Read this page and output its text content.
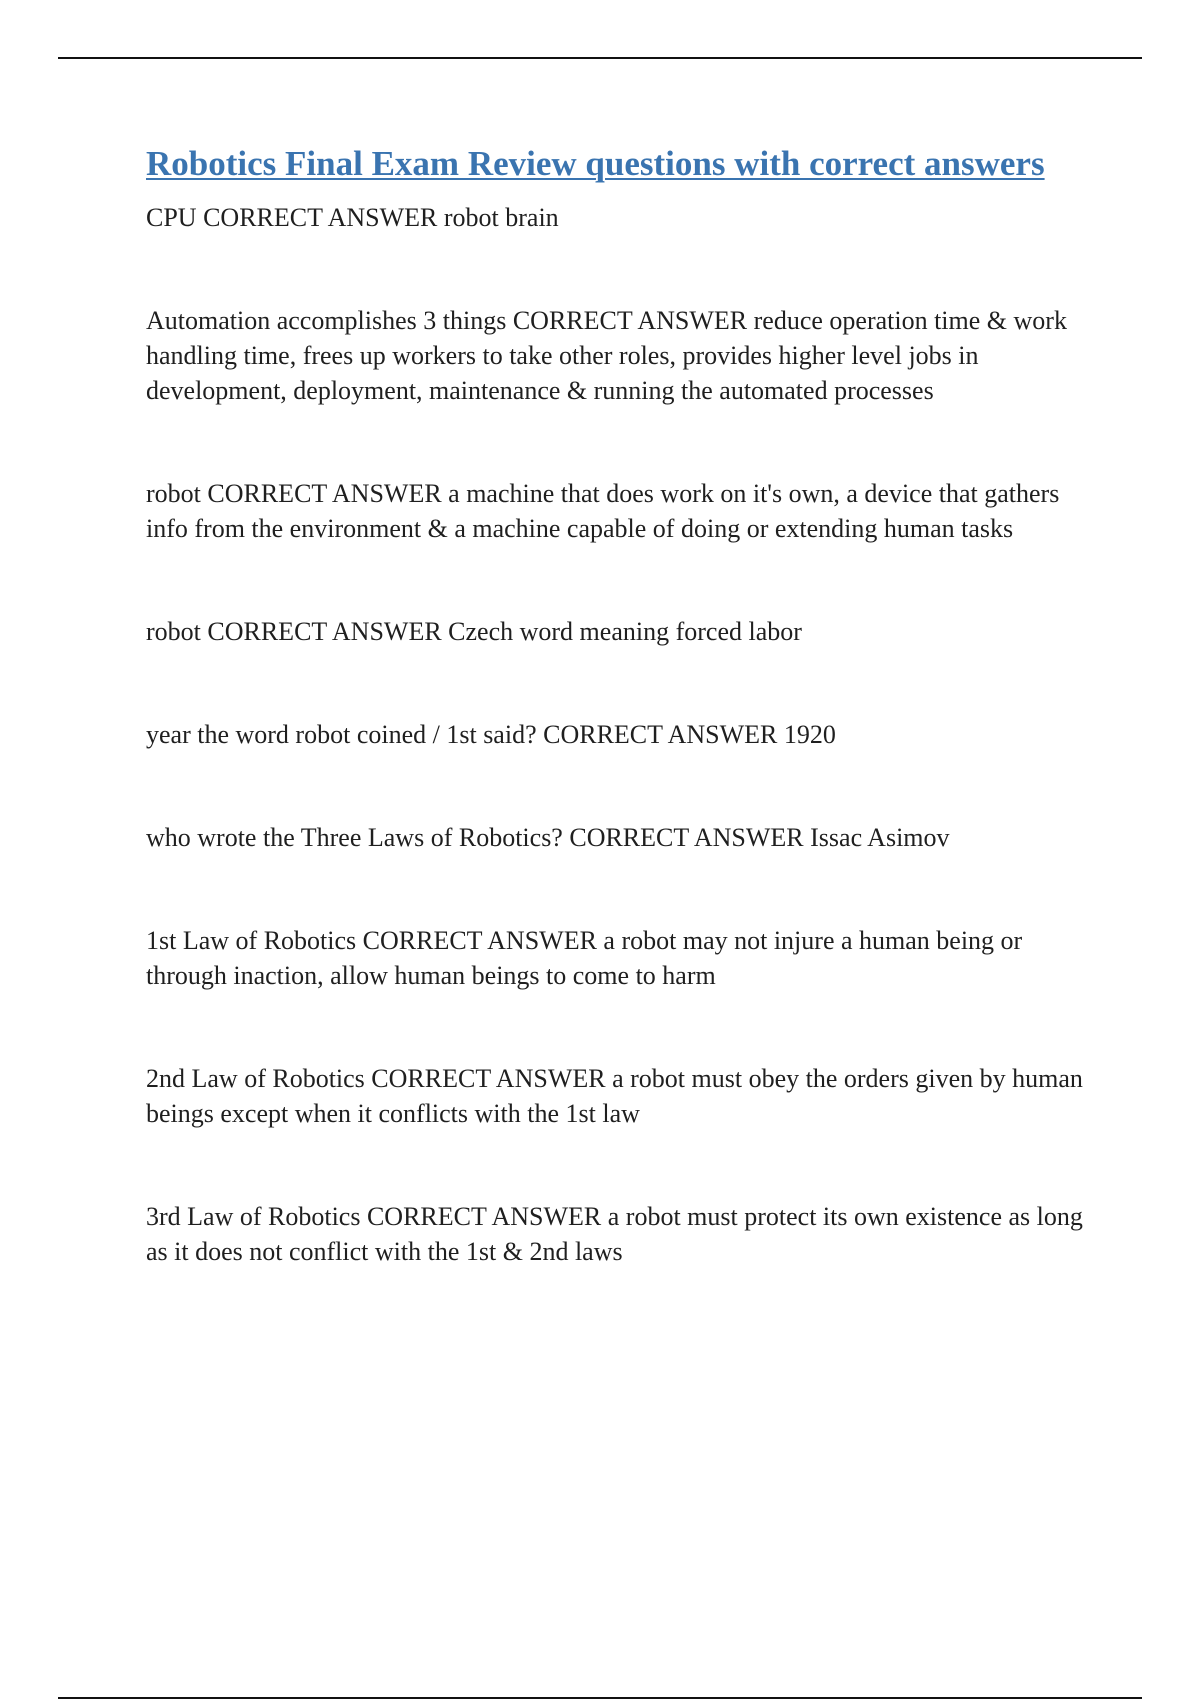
Robotics Final Exam Review questions with correct answers
CPU CORRECT ANSWER robot brain
Automation accomplishes 3 things CORRECT ANSWER reduce operation time & work handling time, frees up workers to take other roles, provides higher level jobs in development, deployment, maintenance & running the automated processes
robot CORRECT ANSWER a machine that does work on it's own, a device that gathers info from the environment & a machine capable of doing or extending human tasks
robot CORRECT ANSWER Czech word meaning forced labor
year the word robot coined / 1st said? CORRECT ANSWER 1920
who wrote the Three Laws of Robotics? CORRECT ANSWER Issac Asimov
1st Law of Robotics CORRECT ANSWER a robot may not injure a human being or through inaction, allow human beings to come to harm
2nd Law of Robotics CORRECT ANSWER a robot must obey the orders given by human beings except when it conflicts with the 1st law
3rd Law of Robotics CORRECT ANSWER a robot must protect its own existence as long as it does not conflict with the 1st & 2nd laws
